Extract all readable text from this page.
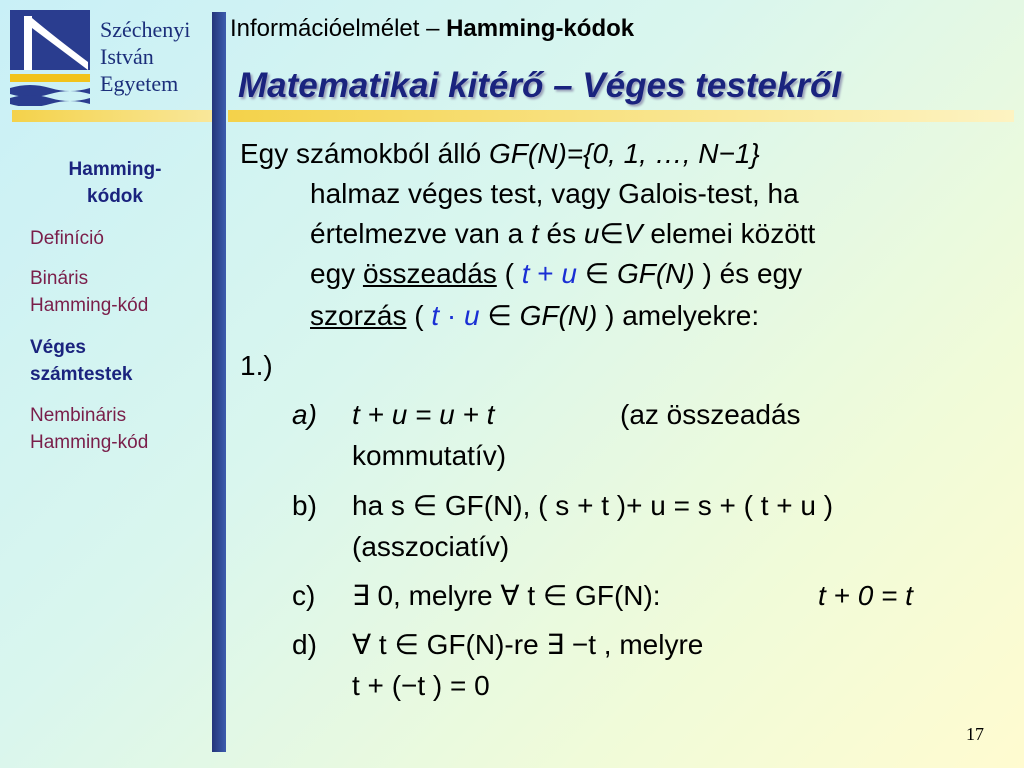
Széchenyi
István
Egyetem
Információelmélet – Hamming-kódok
Matematikai kitérő – Véges testekről
Hamming-
kódok
Definíció
Bináris
Hamming-kód
Véges
számtestek
Nembináris
Hamming-kód
Egy számokból álló GF(N)={0, 1, …, N−1}
halmaz véges test, vagy Galois-test, ha
értelmezve van a t és u∈V elemei között
egy összeadás ( t + u ∈ GF(N) ) és egy
szorzás ( t · u ∈ GF(N) ) amelyekre:
1.)
a) t + u = u + t	(az összeadás
kommutatív)
b) ha s ∈ GF(N), ( s + t )+ u = s + ( t + u )
(asszociatív)
c) ∃ 0, melyre ∀ t ∈ GF(N):	t + 0 = t
d) ∀ t ∈ GF(N)-re ∃ −t , melyre
t + (−t ) = 0
17
